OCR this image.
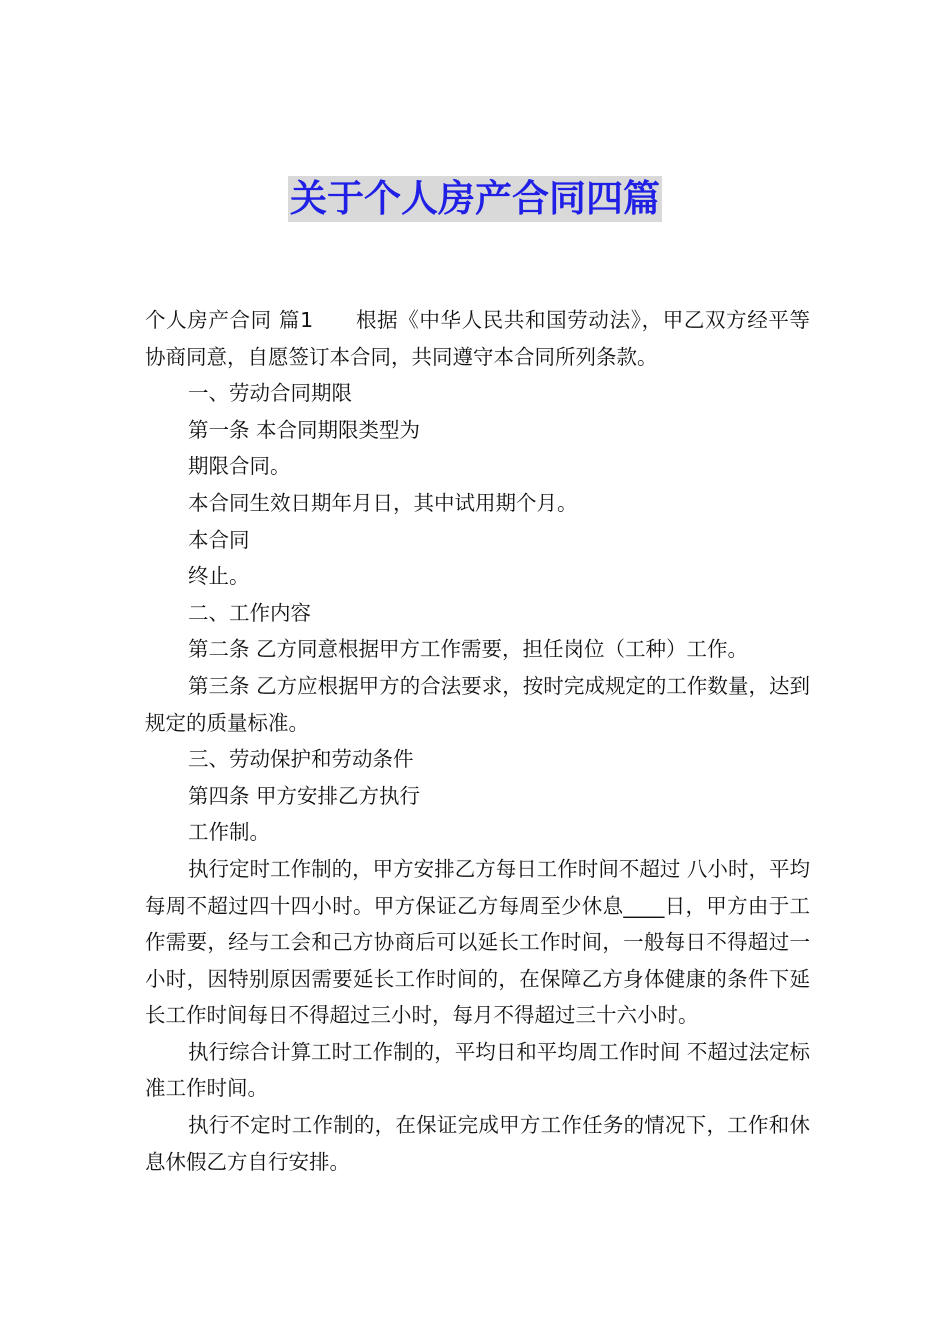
关于个人房产合同四篇

个人房产合同 篇1　　根据《中华人民共和国劳动法》，甲乙双方经平等协商同意，自愿签订本合同，共同遵守本合同所列条款。

一、劳动合同期限

第一条 本合同期限类型为

期限合同。

本合同生效日期年月日，其中试用期个月。

本合同

终止。

二、工作内容

第二条 乙方同意根据甲方工作需要，担任岗位（工种）工作。

第三条 乙方应根据甲方的合法要求，按时完成规定的工作数量，达到规定的质量标准。

三、劳动保护和劳动条件

第四条 甲方安排乙方执行

工作制。

执行定时工作制的，甲方安排乙方每日工作时间不超过 八小时，平均每周不超过四十四小时。甲方保证乙方每周至少休息____日，甲方由于工作需要，经与工会和己方协商后可以延长工作时间，一般每日不得超过一小时，因特别原因需要延长工作时间的，在保障乙方身体健康的条件下延长工作时间每日不得超过三小时，每月不得超过三十六小时。

执行综合计算工时工作制的，平均日和平均周工作时间 不超过法定标准工作时间。

执行不定时工作制的，在保证完成甲方工作任务的情况下，工作和休息休假乙方自行安排。
